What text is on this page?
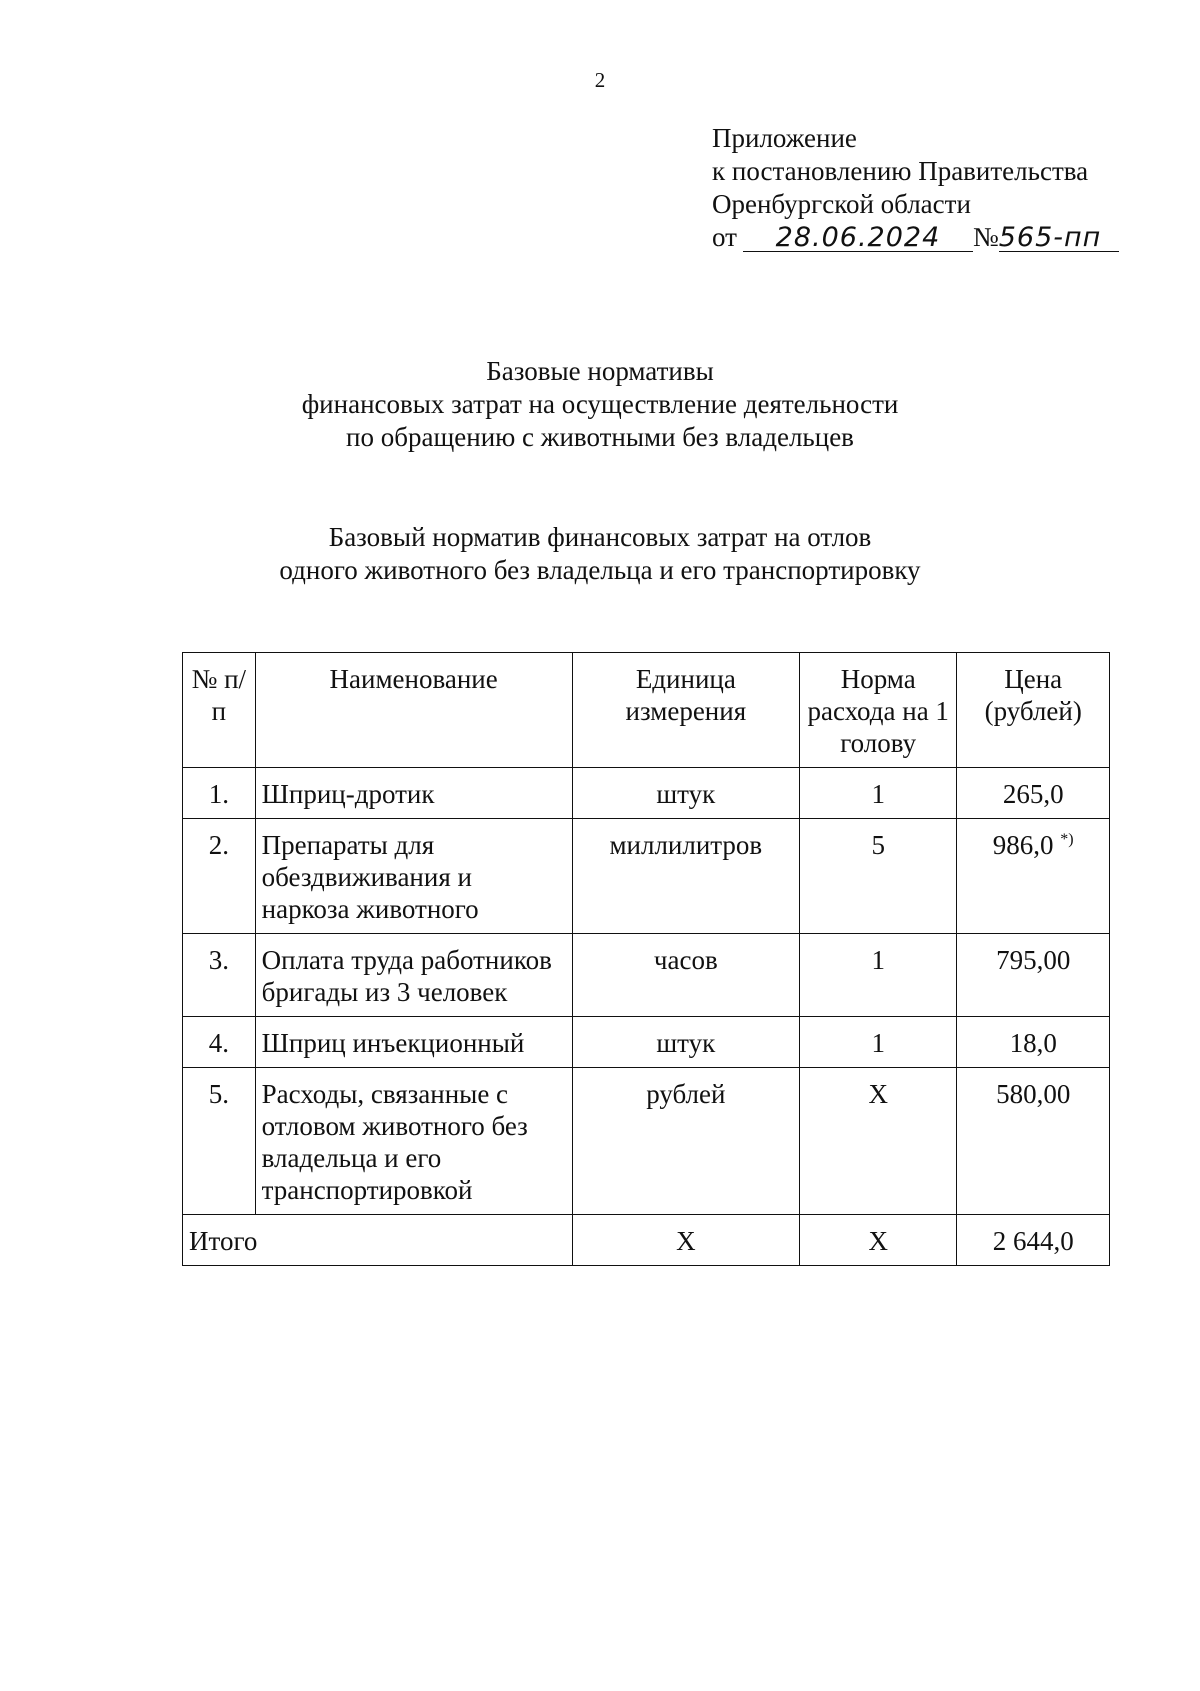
2
Приложение
к постановлению Правительства
Оренбургской области
от 28.06.2024 №565-пп
Базовые нормативы
финансовых затрат на осуществление деятельности
по обращению с животными без владельцев
Базовый норматив финансовых затрат на отлов
одного животного без владельца и его транспортировку
№ п/п	Наименование	Единица измерения	Норма расхода на 1 голову	Цена (рублей)
1.	Шприц-дротик	штук	1	265,0
2.	Препараты для обездвиживания и наркоза животного	миллилитров	5	986,0 *)
3.	Оплата труда работников бригады из 3 человек	часов	1	795,00
4.	Шприц инъекционный	штук	1	18,0
5.	Расходы, связанные с отловом животного без владельца и его транспортировкой	рублей	X	580,00
Итого		X	X	2 644,0
